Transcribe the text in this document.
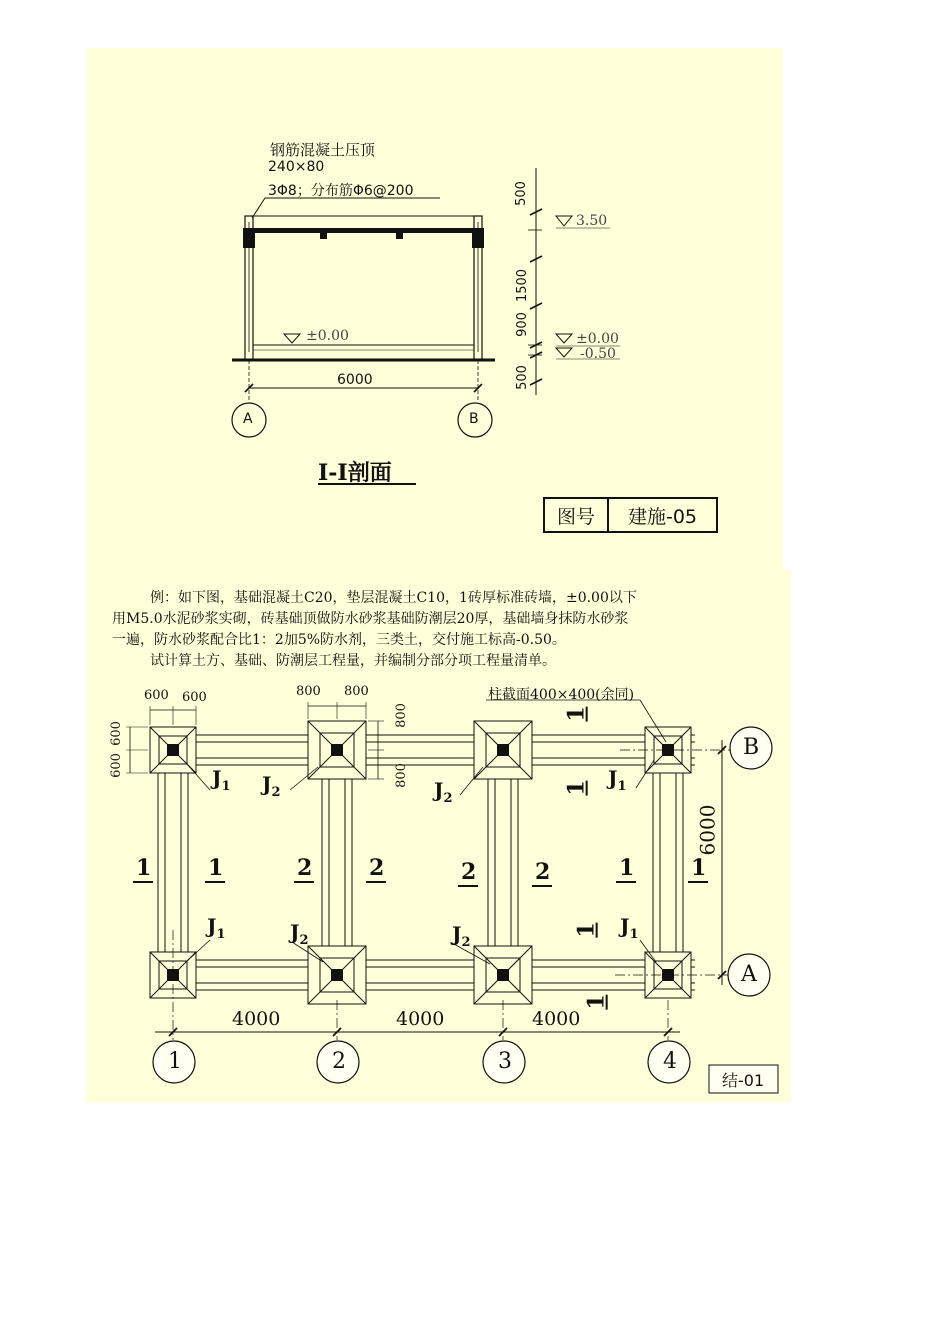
钢筋混凝土压顶
240×80
3Φ8；分布筋Φ6@200	500
1500
900
500
3.50
±0.00	±0.00
-0.50
6000
A	B
I-I剖面
图号	建施-05
例：如下图，基础混凝土C20，垫层混凝土C10，1砖厚标准砖墙，±0.00以下
用M5.0水泥砂浆实砌，砖基础顶做防水砂浆基础防潮层20厚，基础墙身抹防水砂浆
一遍，防水砂浆配合比1：2加5%防水剂，三类土，交付施工标高-0.50。
试计算土方、基础、防潮层工程量，并编制分部分项工程量清单。
柱截面400×400(余同)
600 600
600
600
800 800
800
800
$J_1$ $J_2$	$J_2$
$J_1$
$J_1$	$J_2$	$J_2$
$J_1$
1	1	2	2	2	2	1	1
1
1
1
1
4000	4000	4000
6000
1	2	3	4
B
A
结-01
